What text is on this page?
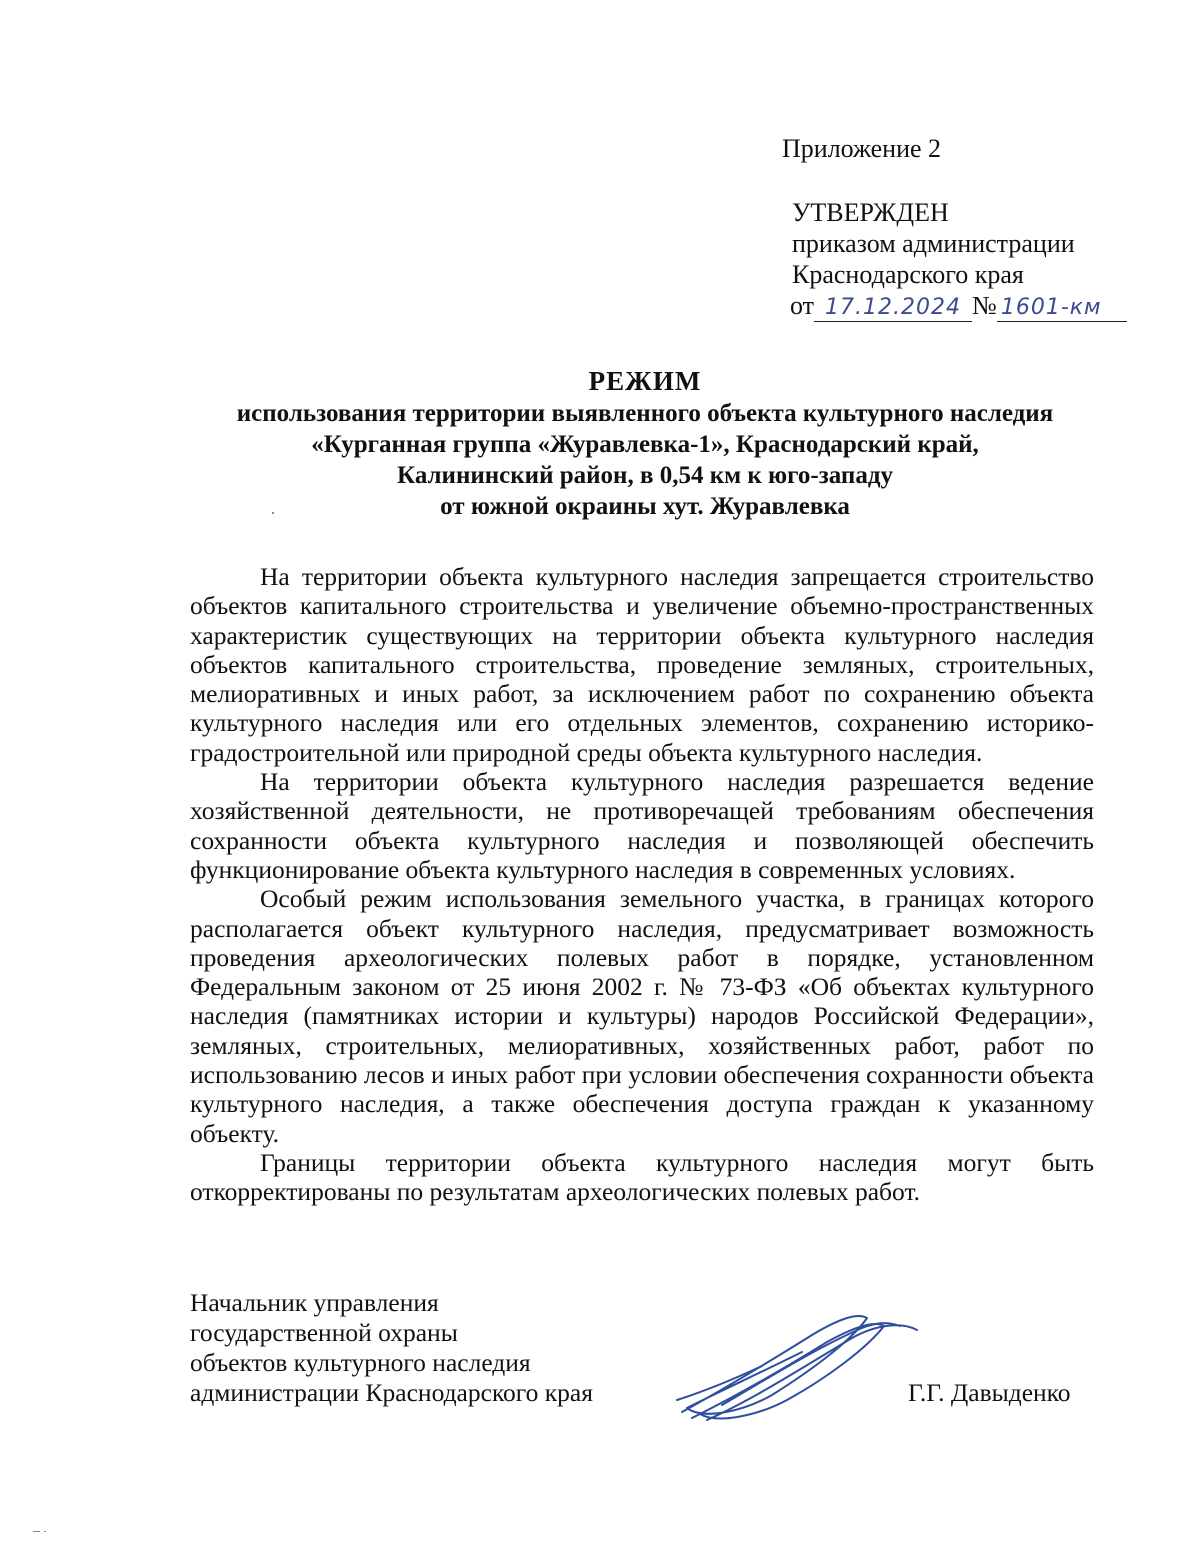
Приложение 2
УТВЕРЖДЕН
приказом администрации
Краснодарского края
от 17.12.2024 № 1601-км
РЕЖИМ
использования территории выявленного объекта культурного наследия
«Курганная группа «Журавлевка-1», Краснодарский край,
Калининский район, в 0,54 км к юго-западу
от южной окраины хут. Журавлевка

На территории объекта культурного наследия запрещается строительство объектов капитального строительства и увеличение объемно-пространственных характеристик существующих на территории объекта культурного наследия объектов капитального строительства, проведение земляных, строительных, мелиоративных и иных работ, за исключением работ по сохранению объекта культурного наследия или его отдельных элементов, сохранению историко-градостроительной или природной среды объекта культурного наследия.

На территории объекта культурного наследия разрешается ведение хозяйственной деятельности, не противоречащей требованиям обеспечения сохранности объекта культурного наследия и позволяющей обеспечить функционирование объекта культурного наследия в современных условиях.

Особый режим использования земельного участка, в границах которого располагается объект культурного наследия, предусматривает возможность проведения археологических полевых работ в порядке, установленном Федеральным законом от 25 июня 2002 г. № 73-ФЗ «Об объектах культурного наследия (памятниках истории и культуры) народов Российской Федерации», земляных, строительных, мелиоративных, хозяйственных работ, работ по использованию лесов и иных работ при условии обеспечения сохранности объекта культурного наследия, а также обеспечения доступа граждан к указанному объекту.

Границы территории объекта культурного наследия могут быть откорректированы по результатам археологических полевых работ.

Начальник управления
государственной охраны
объектов культурного наследия
администрации Краснодарского края	Г.Г. Давыденко
